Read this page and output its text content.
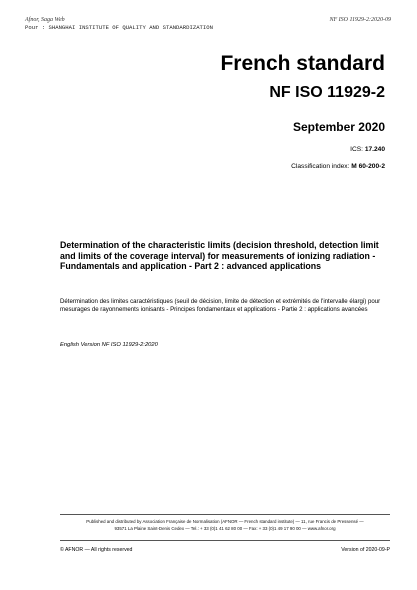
Afnor, Saga Web
Pour : SHANGHAI INSTITUTE OF QUALITY AND STANDARDIZATION
NF ISO 11929-2:2020-09
French standard
NF ISO 11929-2
September 2020
ICS: 17.240
Classification index: M 60-200-2
Determination of the characteristic limits (decision threshold, detection limit and limits of the coverage interval) for measurements of ionizing radiation - Fundamentals and application - Part 2 : advanced applications
Détermination des limites caractéristiques (seuil de décision, limite de détection et extrémités de l'intervalle élargi) pour mesurages de rayonnements ionisants - Principes fondamentaux et applications - Partie 2 : applications avancées
English Version NF ISO 11929-2:2020
Published and distributed by Association Française de Normalisation (AFNOR — French standard institute) — 11, rue Francis de Pressensé —
93571 La Plaine Saint-Denis Cedex — Tel.: + 33 (0)1 41 62 80 00 — Fax: + 33 (0)1 49 17 90 00 — www.afnor.org
© AFNOR — All rights reserved	Version of 2020-09-P
